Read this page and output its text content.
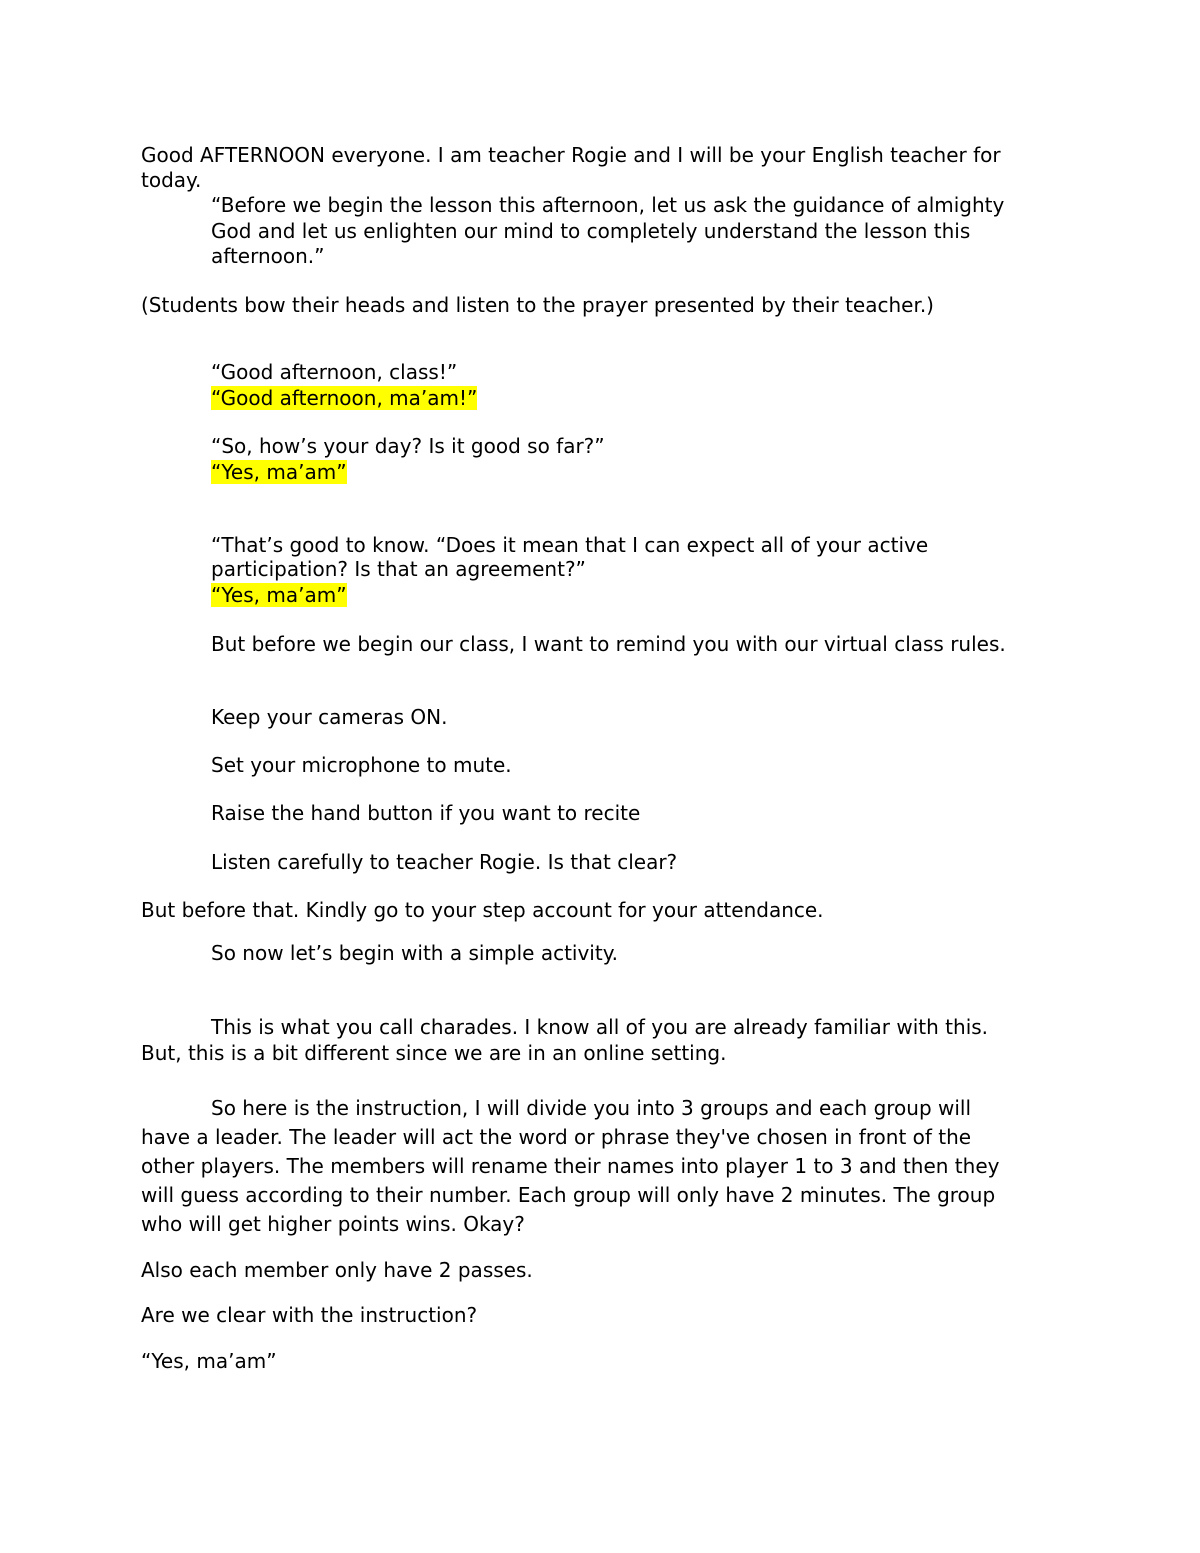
Good AFTERNOON everyone. I am teacher Rogie and I will be your English teacher for
today.
“Before we begin the lesson this afternoon, let us ask the guidance of almighty
God and let us enlighten our mind to completely understand the lesson this
afternoon.”
(Students bow their heads and listen to the prayer presented by their teacher.)
“Good afternoon, class!”
“Good afternoon, ma’am!”
“So, how’s your day? Is it good so far?”
“Yes, ma’am”
“That’s good to know. “Does it mean that I can expect all of your active
participation? Is that an agreement?”
“Yes, ma’am”
But before we begin our class, I want to remind you with our virtual class rules.
Keep your cameras ON.
Set your microphone to mute.
Raise the hand button if you want to recite
Listen carefully to teacher Rogie. Is that clear?
But before that. Kindly go to your step account for your attendance.
So now let’s begin with a simple activity.
This is what you call charades. I know all of you are already familiar with this.
But, this is a bit different since we are in an online setting.
So here is the instruction, I will divide you into 3 groups and each group will
have a leader. The leader will act the word or phrase they've chosen in front of the
other players. The members will rename their names into player 1 to 3 and then they
will guess according to their number. Each group will only have 2 minutes. The group
who will get higher points wins. Okay?
Also each member only have 2 passes.
Are we clear with the instruction?
“Yes, ma’am”
